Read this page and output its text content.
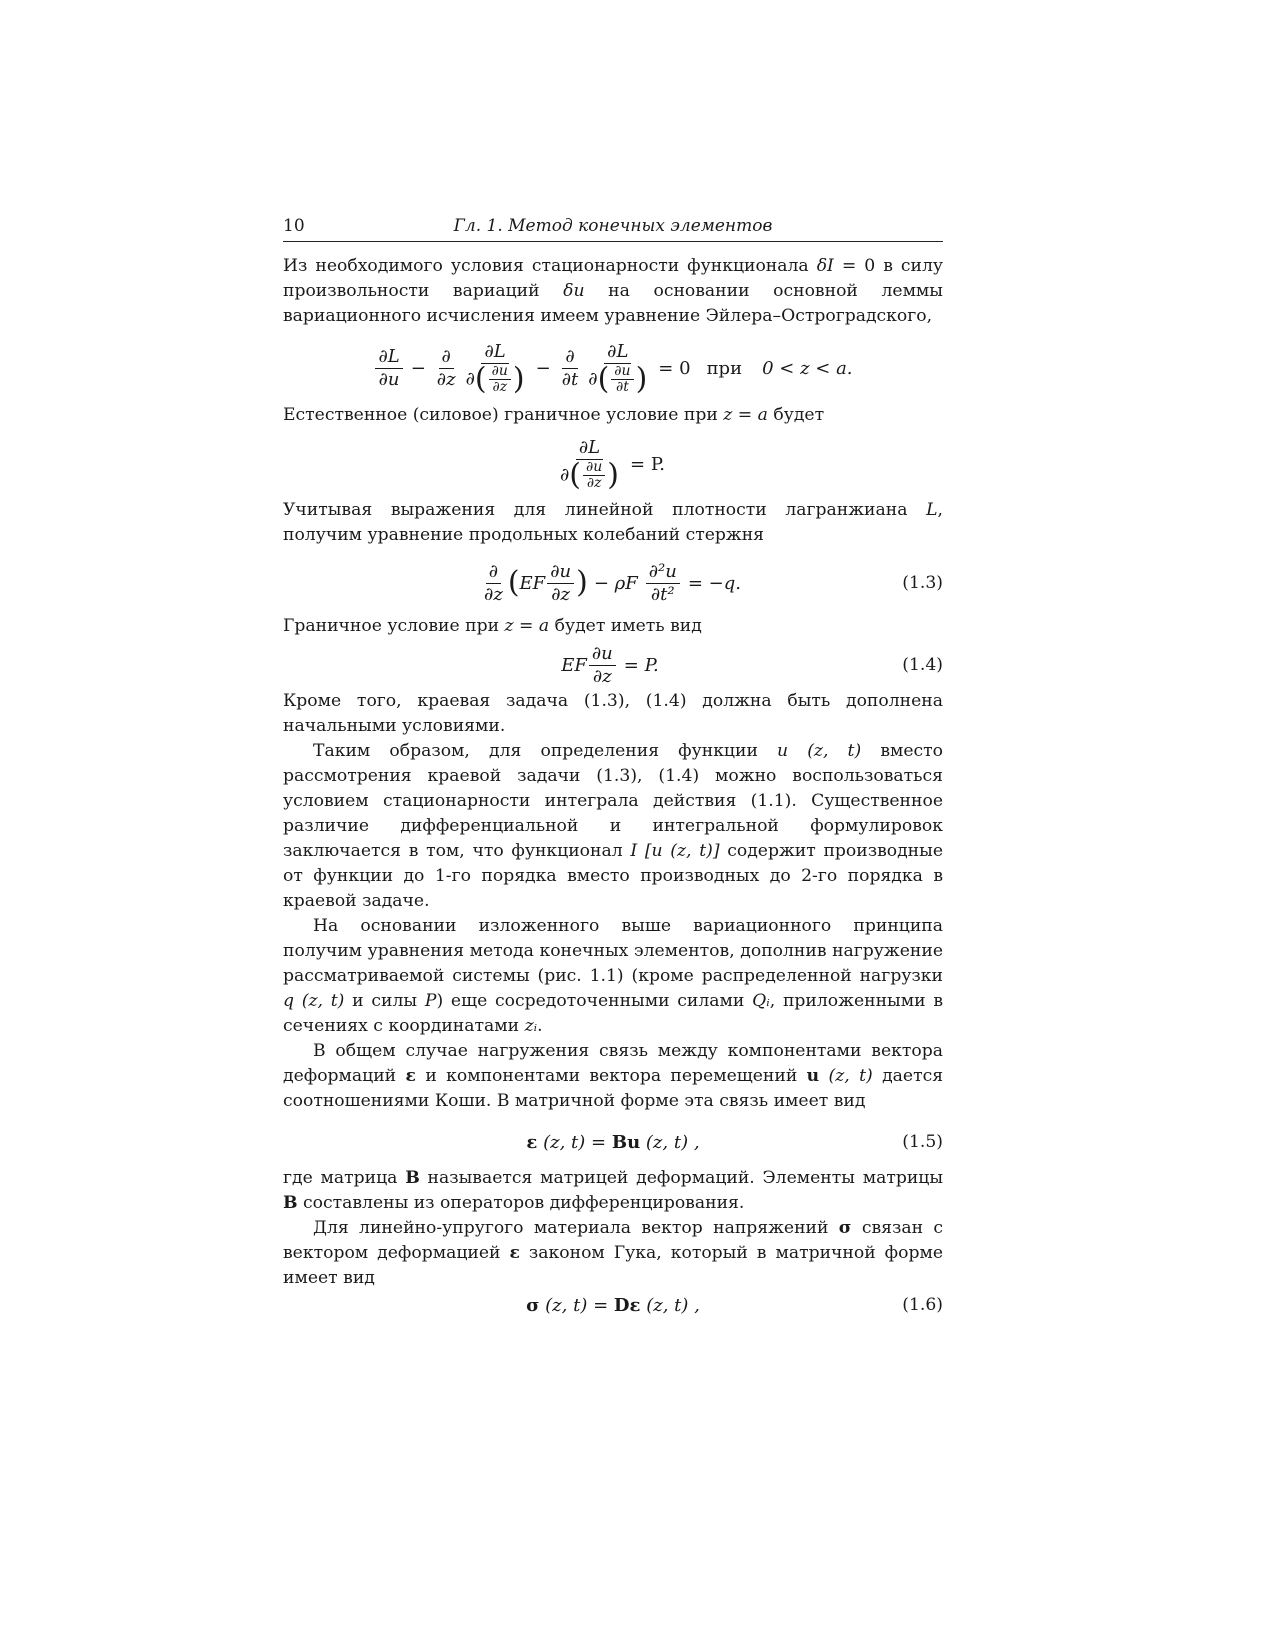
10	Гл. 1. Метод конечных элементов

Из необходимого условия стационарности функционала δI = 0 в силу произвольности вариаций δu на основании основной леммы вариационного исчисления имеем уравнение Эйлера–Остроградского,

$\frac{\partial L}{\partial u} - \frac{\partial}{\partial z} \frac{\partial L}{\partial( \frac{\partial u}{\partial z} )} - \frac{\partial}{\partial t} \frac{\partial L}{\partial( \frac{\partial u}{\partial t} )} = 0$ при 0 < z < a.

Естественное (силовое) граничное условие при z = a будет

$\frac{\partial L}{\partial( \frac{\partial u}{\partial z} )} = P$.

Учитывая выражения для линейной плотности лагранжиана L, получим уравнение продольных колебаний стержня

$\frac{\partial}{\partial z}$ ( EF $\frac{\partial u}{\partial z}$ ) − ρF $\frac{\text{∂²u}}{\text{∂t²}} = -q$.	(1.3)

Граничное условие при z = a будет иметь вид

EF $\frac{\partial u}{\partial z} = P$.	(1.4)

Кроме того, краевая задача (1.3), (1.4) должна быть дополнена начальными условиями.

Таким образом, для определения функции u (z, t) вместо рассмотрения краевой задачи (1.3), (1.4) можно воспользоваться условием стационарности интеграла действия (1.1). Существенное различие дифференциальной и интегральной формулировок заключается в том, что функционал I [u (z, t)] содержит производные от функции до 1-го порядка вместо производных до 2-го порядка в краевой задаче.

На основании изложенного выше вариационного принципа получим уравнения метода конечных элементов, дополнив нагружение рассматриваемой системы (рис. 1.1) (кроме распределенной нагрузки q (z, t) и силы P) еще сосредоточенными силами Qᵢ, приложенными в сечениях с координатами zᵢ.

В общем случае нагружения связь между компонентами вектора деформаций ε и компонентами вектора перемещений u (z, t) дается соотношениями Коши. В матричной форме эта связь имеет вид

ε
(z, t) =
Bu
(z, t) ,	(1.5)

где матрица B называется матрицей деформаций. Элементы матрицы B составлены из операторов дифференцирования.

Для линейно-упругого материала вектор напряжений σ связан с вектором деформацией ε законом Гука, который в матричной форме имеет вид

σ
(z, t) =
D ε
(z, t) ,	(1.6)
